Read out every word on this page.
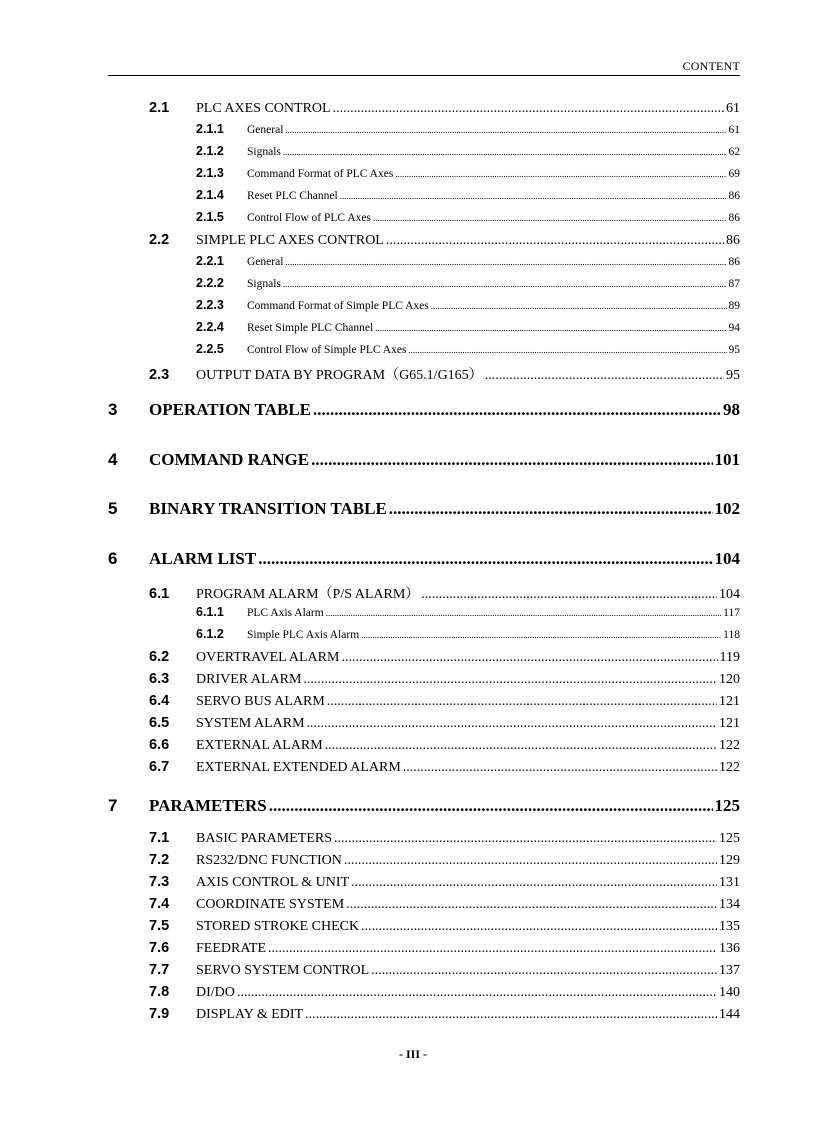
CONTENT
2.1	PLC AXES CONTROL .....	61
2.1.1	General .....	61
2.1.2	Signals .....	62
2.1.3	Command Format of PLC Axes .....	69
2.1.4	Reset PLC Channel .....	86
2.1.5	Control Flow of PLC Axes .....	86
2.2	SIMPLE PLC AXES CONTROL .....	86
2.2.1	General .....	86
2.2.2	Signals .....	87
2.2.3	Command Format of Simple PLC Axes .....	89
2.2.4	Reset Simple PLC Channel .....	94
2.2.5	Control Flow of Simple PLC Axes .....	95
2.3	OUTPUT DATA BY PROGRAM（G65.1/G165） .....	95
3	OPERATION TABLE .....	98
4	COMMAND RANGE .....	101
5	BINARY TRANSITION TABLE .....	102
6	ALARM LIST .....	104
6.1	PROGRAM ALARM（P/S ALARM） .....	104
6.1.1	PLC Axis Alarm .....	117
6.1.2	Simple PLC Axis Alarm .....	118
6.2	OVERTRAVEL ALARM .....	119
6.3	DRIVER ALARM .....	120
6.4	SERVO BUS ALARM .....	121
6.5	SYSTEM ALARM .....	121
6.6	EXTERNAL ALARM .....	122
6.7	EXTERNAL EXTENDED ALARM .....	122
7	PARAMETERS .....	125
7.1	BASIC PARAMETERS .....	125
7.2	RS232/DNC FUNCTION .....	129
7.3	AXIS CONTROL & UNIT .....	131
7.4	COORDINATE SYSTEM .....	134
7.5	STORED STROKE CHECK .....	135
7.6	FEEDRATE .....	136
7.7	SERVO SYSTEM CONTROL .....	137
7.8	DI/DO .....	140
7.9	DISPLAY & EDIT .....	144
- III -
